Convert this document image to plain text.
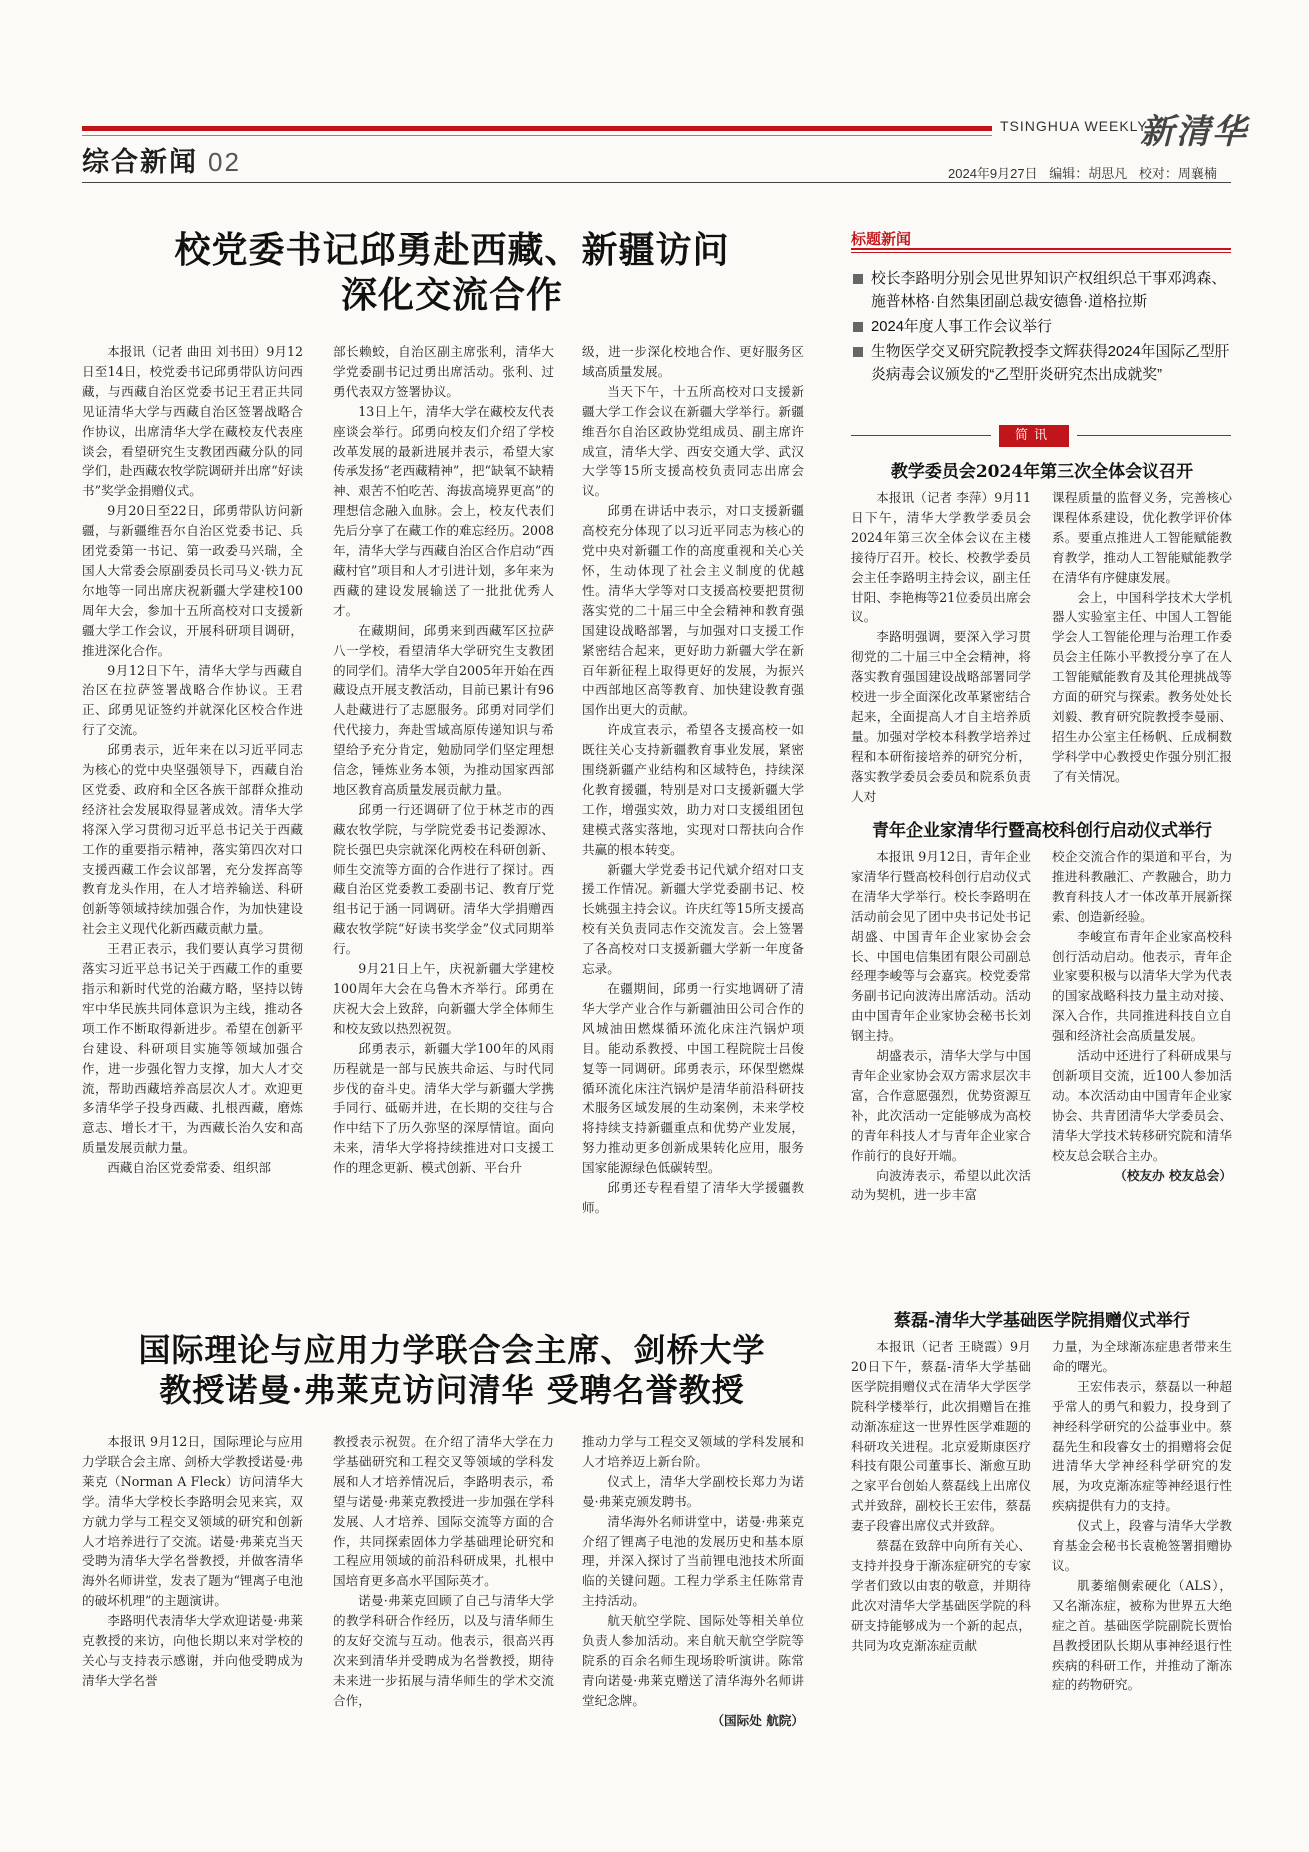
TSINGHUA WEEKLY
新清华
综合新闻 02	2024年9月27日 编辑：胡思凡 校对：周襄楠
校党委书记邱勇赴西藏、新疆访问
深化交流合作

本报讯（记者 曲田 刘书田）9月12日至14日，校党委书记邱勇带队访问西藏，与西藏自治区党委书记王君正共同见证清华大学与西藏自治区签署战略合作协议，出席清华大学在藏校友代表座谈会，看望研究生支教团西藏分队的同学们，赴西藏农牧学院调研并出席“好读书”奖学金捐赠仪式。

9月20日至22日，邱勇带队访问新疆，与新疆维吾尔自治区党委书记、兵团党委第一书记、第一政委马兴瑞，全国人大常委会原副委员长司马义·铁力瓦尔地等一同出席庆祝新疆大学建校100周年大会，参加十五所高校对口支援新疆大学工作会议，开展科研项目调研，推进深化合作。

9月12日下午，清华大学与西藏自治区在拉萨签署战略合作协议。王君正、邱勇见证签约并就深化区校合作进行了交流。

邱勇表示，近年来在以习近平同志为核心的党中央坚强领导下，西藏自治区党委、政府和全区各族干部群众推动经济社会发展取得显著成效。清华大学将深入学习贯彻习近平总书记关于西藏工作的重要指示精神，落实第四次对口支援西藏工作会议部署，充分发挥高等教育龙头作用，在人才培养输送、科研创新等领域持续加强合作，为加快建设社会主义现代化新西藏贡献力量。

王君正表示，我们要认真学习贯彻落实习近平总书记关于西藏工作的重要指示和新时代党的治藏方略，坚持以铸牢中华民族共同体意识为主线，推动各项工作不断取得新进步。希望在创新平台建设、科研项目实施等领域加强合作，进一步强化智力支撑，加大人才交流，帮助西藏培养高层次人才。欢迎更多清华学子投身西藏、扎根西藏，磨炼意志、增长才干，为西藏长治久安和高质量发展贡献力量。

西藏自治区党委常委、组织部

部长赖蛟，自治区副主席张利，清华大学党委副书记过勇出席活动。张利、过勇代表双方签署协议。

13日上午，清华大学在藏校友代表座谈会举行。邱勇向校友们介绍了学校改革发展的最新进展并表示，希望大家传承发扬“老西藏精神”，把“缺氧不缺精神、艰苦不怕吃苦、海拔高境界更高”的理想信念融入血脉。会上，校友代表们先后分享了在藏工作的难忘经历。2008年，清华大学与西藏自治区合作启动“西藏村官”项目和人才引进计划，多年来为西藏的建设发展输送了一批批优秀人才。

在藏期间，邱勇来到西藏军区拉萨八一学校，看望清华大学研究生支教团的同学们。清华大学自2005年开始在西藏设点开展支教活动，目前已累计有96人赴藏进行了志愿服务。邱勇对同学们代代接力，奔赴雪域高原传递知识与希望给予充分肯定，勉励同学们坚定理想信念，锤炼业务本领，为推动国家西部地区教育高质量发展贡献力量。

邱勇一行还调研了位于林芝市的西藏农牧学院，与学院党委书记娄源冰、院长强巴央宗就深化两校在科研创新、师生交流等方面的合作进行了探讨。西藏自治区党委教工委副书记、教育厅党组书记于涵一同调研。清华大学捐赠西藏农牧学院“好读书奖学金”仪式同期举行。

9月21日上午，庆祝新疆大学建校100周年大会在乌鲁木齐举行。邱勇在庆祝大会上致辞，向新疆大学全体师生和校友致以热烈祝贺。

邱勇表示，新疆大学100年的风雨历程就是一部与民族共命运、与时代同步伐的奋斗史。清华大学与新疆大学携手同行、砥砺并进，在长期的交往与合作中结下了历久弥坚的深厚情谊。面向未来，清华大学将持续推进对口支援工作的理念更新、模式创新、平台升

级，进一步深化校地合作、更好服务区域高质量发展。

当天下午，十五所高校对口支援新疆大学工作会议在新疆大学举行。新疆维吾尔自治区政协党组成员、副主席许成宣，清华大学、西安交通大学、武汉大学等15所支援高校负责同志出席会议。

邱勇在讲话中表示，对口支援新疆高校充分体现了以习近平同志为核心的党中央对新疆工作的高度重视和关心关怀，生动体现了社会主义制度的优越性。清华大学等对口支援高校要把贯彻落实党的二十届三中全会精神和教育强国建设战略部署，与加强对口支援工作紧密结合起来，更好助力新疆大学在新百年新征程上取得更好的发展，为振兴中西部地区高等教育、加快建设教育强国作出更大的贡献。

许成宣表示，希望各支援高校一如既往关心支持新疆教育事业发展，紧密围绕新疆产业结构和区域特色，持续深化教育援疆，特别是对口支援新疆大学工作，增强实效，助力对口支援组团包建模式落实落地，实现对口帮扶向合作共赢的根本转变。

新疆大学党委书记代斌介绍对口支援工作情况。新疆大学党委副书记、校长姚强主持会议。许庆红等15所支援高校有关负责同志作交流发言。会上签署了各高校对口支援新疆大学新一年度备忘录。

在疆期间，邱勇一行实地调研了清华大学产业合作与新疆油田公司合作的风城油田燃煤循环流化床注汽锅炉项目。能动系教授、中国工程院院士吕俊复等一同调研。邱勇表示，环保型燃煤循环流化床注汽锅炉是清华前沿科研技术服务区域发展的生动案例，未来学校将持续支持新疆重点和优势产业发展，努力推动更多创新成果转化应用，服务国家能源绿色低碳转型。

邱勇还专程看望了清华大学援疆教师。

国际理论与应用力学联合会主席、剑桥大学
教授诺曼·弗莱克访问清华 受聘名誉教授

本报讯 9月12日，国际理论与应用力学联合会主席、剑桥大学教授诺曼·弗莱克（Norman A Fleck）访问清华大学。清华大学校长李路明会见来宾，双方就力学与工程交叉领域的研究和创新人才培养进行了交流。诺曼·弗莱克当天受聘为清华大学名誉教授，并做客清华海外名师讲堂，发表了题为“锂离子电池的破坏机理”的主题演讲。

李路明代表清华大学欢迎诺曼·弗莱克教授的来访，向他长期以来对学校的关心与支持表示感谢，并向他受聘成为清华大学名誉

教授表示祝贺。在介绍了清华大学在力学基础研究和工程交叉等领域的学科发展和人才培养情况后，李路明表示，希望与诺曼·弗莱克教授进一步加强在学科发展、人才培养、国际交流等方面的合作，共同探索固体力学基础理论研究和工程应用领域的前沿科研成果，扎根中国培育更多高水平国际英才。

诺曼·弗莱克回顾了自己与清华大学的教学科研合作经历，以及与清华师生的友好交流与互动。他表示，很高兴再次来到清华并受聘成为名誉教授，期待未来进一步拓展与清华师生的学术交流合作，

推动力学与工程交叉领域的学科发展和人才培养迈上新台阶。

仪式上，清华大学副校长郑力为诺曼·弗莱克颁发聘书。

清华海外名师讲堂中，诺曼·弗莱克介绍了锂离子电池的发展历史和基本原理，并深入探讨了当前锂电池技术所面临的关键问题。工程力学系主任陈常青主持活动。

航天航空学院、国际处等相关单位负责人参加活动。来自航天航空学院等院系的百余名师生现场聆听演讲。陈常青向诺曼·弗莱克赠送了清华海外名师讲堂纪念牌。

（国际处 航院）

标题新闻
校长李路明分别会见世界知识产权组织总干事邓鸿森、施普林格·自然集团副总裁安德鲁·道格拉斯
2024年度人事工作会议举行
生物医学交叉研究院教授李文辉获得2024年国际乙型肝炎病毒会议颁发的“乙型肝炎研究杰出成就奖”
简讯
教学委员会2024年第三次全体会议召开

本报讯（记者 李萍）9月11日下午，清华大学教学委员会2024年第三次全体会议在主楼接待厅召开。校长、校教学委员会主任李路明主持会议，副主任甘阳、李艳梅等21位委员出席会议。

李路明强调，要深入学习贯彻党的二十届三中全会精神，将落实教育强国建设战略部署同学校进一步全面深化改革紧密结合起来，全面提高人才自主培养质量。加强对学校本科教学培养过程和本研衔接培养的研究分析，落实教学委员会委员和院系负责人对

课程质量的监督义务，完善核心课程体系建设，优化教学评价体系。要重点推进人工智能赋能教育教学，推动人工智能赋能教学在清华有序健康发展。

会上，中国科学技术大学机器人实验室主任、中国人工智能学会人工智能伦理与治理工作委员会主任陈小平教授分享了在人工智能赋能教育及其伦理挑战等方面的研究与探索。教务处处长刘毅、教育研究院教授李曼丽、招生办公室主任杨帆、丘成桐数学科学中心教授史作强分别汇报了有关情况。

青年企业家清华行暨高校科创行启动仪式举行

本报讯 9月12日，青年企业家清华行暨高校科创行启动仪式在清华大学举行。校长李路明在活动前会见了团中央书记处书记胡盛、中国青年企业家协会会长、中国电信集团有限公司副总经理李峻等与会嘉宾。校党委常务副书记向波涛出席活动。活动由中国青年企业家协会秘书长刘钢主持。

胡盛表示，清华大学与中国青年企业家协会双方需求层次丰富，合作意愿强烈，优势资源互补，此次活动一定能够成为高校的青年科技人才与青年企业家合作前行的良好开端。

向波涛表示，希望以此次活动为契机，进一步丰富

校企交流合作的渠道和平台，为推进科教融汇、产教融合，助力教育科技人才一体改革开展新探索、创造新经验。

李峻宣布青年企业家高校科创行活动启动。他表示，青年企业家要积极与以清华大学为代表的国家战略科技力量主动对接、深入合作，共同推进科技自立自强和经济社会高质量发展。

活动中还进行了科研成果与创新项目交流，近100人参加活动。本次活动由中国青年企业家协会、共青团清华大学委员会、清华大学技术转移研究院和清华校友总会联合主办。

（校友办 校友总会）

蔡磊-清华大学基础医学院捐赠仪式举行

本报讯（记者 王晓霞）9月20日下午，蔡磊-清华大学基础医学院捐赠仪式在清华大学医学院科学楼举行，此次捐赠旨在推动渐冻症这一世界性医学难题的科研攻关进程。北京爱斯康医疗科技有限公司董事长、渐愈互助之家平台创始人蔡磊线上出席仪式并致辞，副校长王宏伟，蔡磊妻子段睿出席仪式并致辞。

蔡磊在致辞中向所有关心、支持并投身于渐冻症研究的专家学者们致以由衷的敬意，并期待此次对清华大学基础医学院的科研支持能够成为一个新的起点，共同为攻克渐冻症贡献

力量，为全球渐冻症患者带来生命的曙光。

王宏伟表示，蔡磊以一种超乎常人的勇气和毅力，投身到了神经科学研究的公益事业中。蔡磊先生和段睿女士的捐赠将会促进清华大学神经科学研究的发展，为攻克渐冻症等神经退行性疾病提供有力的支持。

仪式上，段睿与清华大学教育基金会秘书长袁桅签署捐赠协议。

肌萎缩侧索硬化（ALS），又名渐冻症，被称为世界五大绝症之首。基础医学院副院长贾怡昌教授团队长期从事神经退行性疾病的科研工作，并推动了渐冻症的药物研究。
